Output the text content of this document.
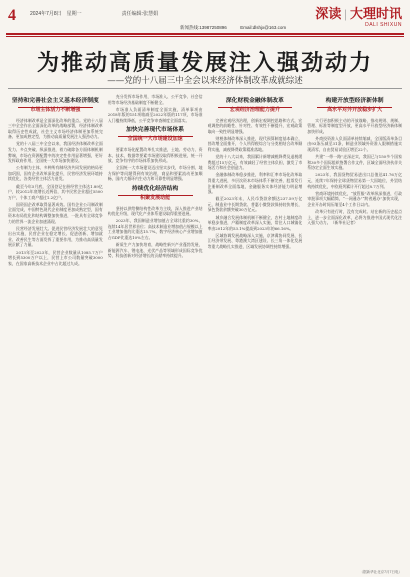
4	2024年7月8日　星期一　　　　　　　　责任编辑:张慧娟	深读 | 大理时讯
DALI SHIXUN
新闻热线:13987250896　　　Email:dlshjx@163.com
为推动高质量发展注入强劲动力
——党的十八届三中全会以来经济体制改革成就综述
坚持和完善社会主义基本经济制度
市场主体活力不断增强

经济体制改革是全面深化改革的重点。党的十八届三中全会作出全面深化改革的战略部署，经济体制改革取得历史性成就，社会主义市场经济体制更加系统完备、更加成熟定型，为推动高质量发展注入强劲动力。

党的十八届三中全会以来，我国经济体制改革全面发力、多点突破、纵深推进，着力破除各方面体制机制弊端，市场在资源配置中的决定性作用显著增强，更好发挥政府作用，全国统一大市场加快建设。

公有制为主体、多种所有制经济共同发展的格局更加巩固，国有企业改革深化提升，民营经济发展环境持续优化，各类经营主体活力迸发。

截至今年5月底，全国登记在册经营主体达1.89亿户，较2012年底增长近两倍，其中民营企业超过5500万户，个体工商户超过1.2亿户。

国资国企改革取得显著成效。国有企业公司制改制全面完成，中国特色现代企业制度更加成熟定型，国有资本布局优化和结构调整加快推进，一批具有全球竞争力的世界一流企业加速涌现。

民营经济发展壮大。促进民营经济发展壮大的意见出台实施，民营企业在稳定增长、促进创新、增加就业、改善民生等方面发挥了重要作用，为推动高质量发展贡献了力量。

2013年至2023年，民营企业数量从1085.7万户增长到5300万户以上，民营上市公司数量突破3000家，在国家高新技术企业中占比超过九成。

充分发挥市场作用，市场准入、公平竞争、社会信用等市场经济基础制度不断健全。

市场准入负面清单制度全面实施，清单事项由2018年版的151项缩减至2022年版的117项，市场准入门槛持续降低，公平竞争审查制度全面落实。

加快完善现代市场体系
全国统一大市场建设加速

要素市场化配置改革扎实推进，土地、劳动力、资本、技术、数据等要素市场建设取得积极进展，统一开放、竞争有序的市场体系加快形成。

全国统一大市场建设迈出坚实步伐，市场分割、地方保护等问题得到有效治理，商品和要素流动更加顺畅，国内大循环内生动力和可靠性明显增强。

持续优化经济结构
积聚发展动能

坚持以供给侧结构性改革为主线，深入推进产业结构优化升级，现代化产业体系建设取得重要进展。

2023年，我国制造业增加值占全球比重约30%，连续14年居世界首位；高技术制造业增加值占规模以上工业增加值的比重达15.7%，数字经济核心产业增加值占GDP比重达10%左右。

新质生产力加快培育，战略性新兴产业蓬勃发展，新能源汽车、锂电池、光伏产品等领域形成国际竞争优势，科技创新对经济增长的贡献率持续提升。

深化财税金融体制改革
宏观经济治理能力提升

完善宏观经济治理，创新宏观调控思路和方式，宏观调控的前瞻性、针对性、有效性不断提升，宏观政策取向一致性明显增强。

财税体制改革深入推进，现代预算制度基本确立，营改增全面推开，个人所得税综合与分类相结合改革顺利实施，减税降费政策精准落地。

党的十八大以来，我国累计新增减税降费及退税缓费超过15万亿元，有效减轻了经营主体负担，激发了市场活力和社会创造力。

金融体制改革稳步推进，利率和汇率市场化改革取得重大进展，多层次资本市场体系不断完善，股票发行注册制改革全面落地，金融服务实体经济能力明显增强。

截至2023年末，人民币贷款余额达237.59万亿元，制造业中长期贷款、普惠小微贷款保持较快增长，绿色贷款余额突破30万亿元。

城乡融合发展体制机制不断健全，农村土地制度改革稳步推进，户籍制度改革深入实施，常住人口城镇化率由2012年的53.1%提高到2023年的66.16%。

区域协调发展战略深入实施，京津冀协同发展、长江经济带发展、粤港澳大湾区建设、长三角一体化发展等重大战略扎实推进，区域发展协调性持续增强。

构建开放型经济新体制
高水平对外开放稳步扩大

实行更加积极主动的开放战略，推动规则、规制、管理、标准等制度型开放，更高水平开放型经济新体制加快形成。

外商投资准入负面清单持续缩减，全国版清单条目由93条压减至31条，制造业领域外资准入限制措施实现清零，自由贸易试验区增至22个。

共建“一带一路”走深走实，我国已与150多个国家和30多个国际组织签署合作文件，区域全面经济伙伴关系协定全面生效实施。

2023年，我国货物贸易进出口总值达41.76万亿元，连续7年保持全球货物贸易第一大国地位，外贸结构持续优化，中欧班列累计开行超过8.7万列。

营商环境持续优化，“放管服”改革纵深推进，行政审批事项大幅精简，“一网通办”“跨省通办”加快实现，企业开办时间压缩至4个工作日以内。

改革只有进行时，没有完成时。站在新的历史起点上，进一步全面深化改革，必将为推进中国式现代化注入强大动力。（新华社记者）

（据新华社北京7月7日电）
